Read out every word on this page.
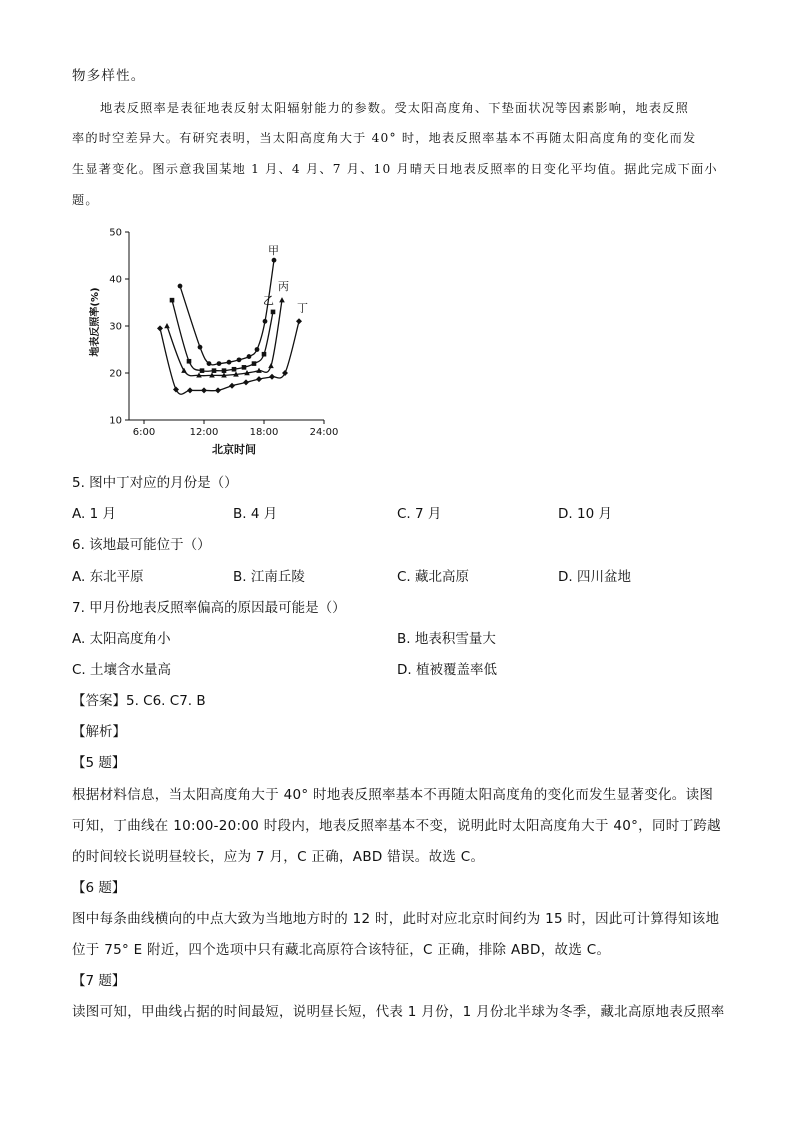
物多样性。
地表反照率是表征地表反射太阳辐射能力的参数。受太阳高度角、下垫面状况等因素影响，地表反照
率的时空差异大。有研究表明，当太阳高度角大于 40° 时，地表反照率基本不再随太阳高度角的变化而发
生显著变化。图示意我国某地 1 月、4 月、7 月、10 月晴天日地表反照率的日变化平均值。据此完成下面小
题。
6:00	12:00	18:00	24:00
10
20
30
40
50
甲
乙
丙
丁
北京时间
地表反照率(%)
5. 图中丁对应的月份是（）
A. 1 月	B. 4 月	C. 7 月	D. 10 月
6. 该地最可能位于（）
A. 东北平原	B. 江南丘陵	C. 藏北高原	D. 四川盆地
7. 甲月份地表反照率偏高的原因最可能是（）
A. 太阳高度角小	B. 地表积雪量大
C. 土壤含水量高	D. 植被覆盖率低
【答案】5. C6. C7. B
【解析】
【5 题】
根据材料信息，当太阳高度角大于 40° 时地表反照率基本不再随太阳高度角的变化而发生显著变化。读图
可知，丁曲线在 10:00-20:00 时段内，地表反照率基本不变，说明此时太阳高度角大于 40°，同时丁跨越
的时间较长说明昼较长，应为 7 月，C 正确，ABD 错误。故选 C。
【6 题】
图中每条曲线横向的中点大致为当地地方时的 12 时，此时对应北京时间约为 15 时，因此可计算得知该地
位于 75° E 附近，四个选项中只有藏北高原符合该特征，C 正确，排除 ABD，故选 C。
【7 题】
读图可知，甲曲线占据的时间最短，说明昼长短，代表 1 月份，1 月份北半球为冬季，藏北高原地表反照率
